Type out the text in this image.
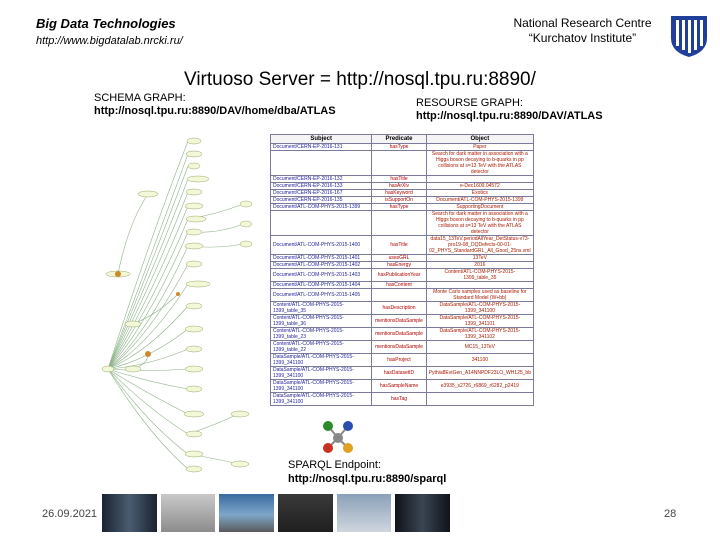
Big Data Technologies
http://www.bigdatalab.nrcki.ru/
National Research Centre
“Kurchatov Institute”
Virtuoso Server = http://nosql.tpu.ru:8890/
SCHEMA GRAPH:
http://nosql.tpu.ru:8890/DAV/home/dba/ATLAS
RESOURSE GRAPH:
http://nosql.tpu.ru:8890/DAV/ATLAS
Subject	Predicate	Object
Document/CERN-EP-2016-131	hasType	Paper
		Search for dark matter in association with a Higgs boson decaying to b-quarks in pp collisions at s=13 TeV with the ATLAS detector
Document/CERN-EP-2016-132	hasTitle	
Document/CERN-EP-2016-133	hasArXiv	e-Dec1609.04572
Document/CERN-EP-2016-167	hasKeyword	Exotics
Document/CERN-EP-2016-135	isSupportOn	Document/ATL-COM-PHYS-2015-1399
Document/ATL-COM-PHYS-2015-1399	hasType	SupportingDocument
		Search for dark matter in association with a Higgs boson decaying to b-quarks in pp collisions at s=13 TeV with the ATLAS detector
Document/ATL-COM-PHYS-2015-1400	hasTitle	data15_13TeV.periodAllYear_DetStatus-v73-pro19-08_DQDefects-00-01-02_PHYS_StandardGRL_All_Good_25ns.xml
Document/ATL-COM-PHYS-2015-1401	usesGRL	13TeV
Document/ATL-COM-PHYS-2015-1402	hasEnergy	2016
Document/ATL-COM-PHYS-2015-1403	hasPublicationYear	Content/ATL-COM-PHYS-2015-1399_table_35
Document/ATL-COM-PHYS-2015-1404	hasContent	
Document/ATL-COM-PHYS-2015-1405		Monte Carlo samples used as baseline for Standard Model (W+bb)
Content/ATL-COM-PHYS-2015-1399_table_35	hasDescription	DataSample/ATL-COM-PHYS-2015-1399_341100
Content/ATL-COM-PHYS-2015-1399_table_36	mentionsDataSample	DataSample/ATL-COM-PHYS-2015-1399_341101
Content/ATL-COM-PHYS-2015-1399_table_23	mentionsDataSample	DataSample/ATL-COM-PHYS-2015-1399_341102
Content/ATL-COM-PHYS-2015-1399_table_22	mentionsDataSample	MC15_13TeV
DataSample/ATL-COM-PHYS-2015-1399_341100	hasProject	341100
DataSample/ATL-COM-PHYS-2015-1399_341100	hasDatasetID	Pythia8EvtGen_A14NNPDF23LO_WH125_bb
DataSample/ATL-COM-PHYS-2015-1399_341100	hasSampleName	e3935_s2726_r6869_r6282_p2419
DataSample/ATL-COM-PHYS-2015-1399_341100	hasTag	
SPARQL Endpoint:
http://nosql.tpu.ru:8890/sparql
26.09.2021	28
